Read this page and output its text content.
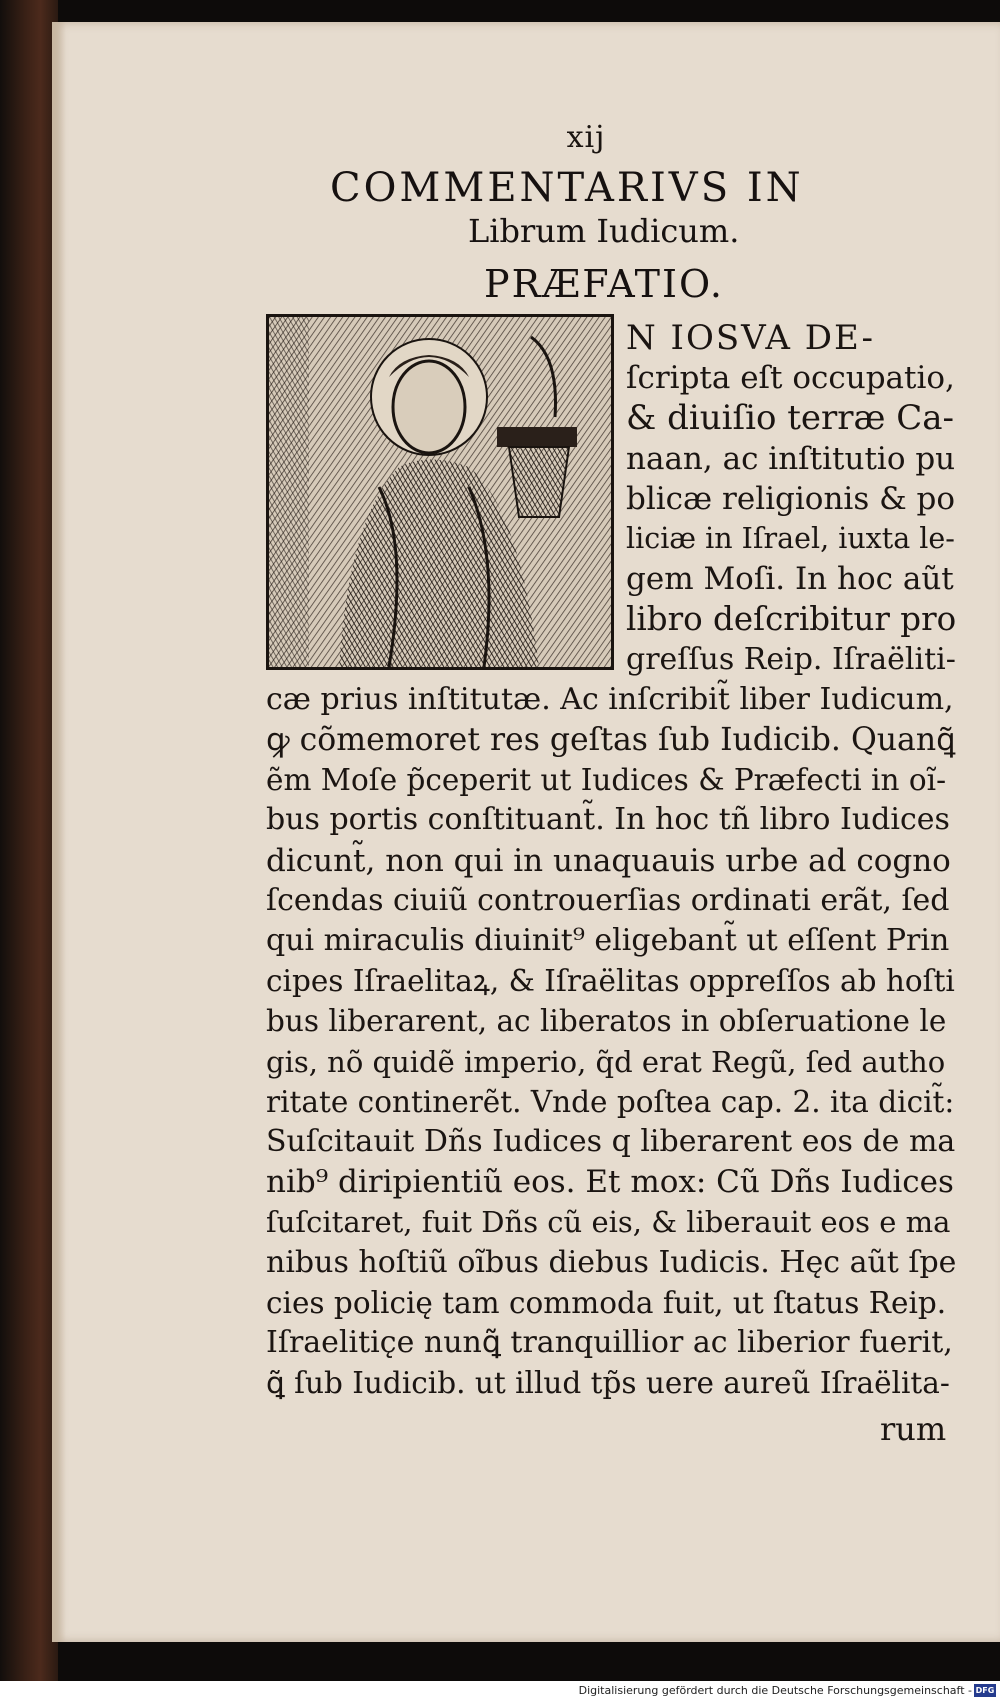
xij
COMMENTARIVS IN
Librum Iudicum.
PRÆFATIO.
N IOSVA DE-
ſcripta eſt occupatio,
& diuiſio terræ Ca-
naan, ac inſtitutio pu
blicæ religionis & po
liciæ in Iſrael, iuxta le-
gem Moſi. In hoc aũt
libro deſcribitur pro
greſſus Reip. Iſraëliti-
cæ prius inſtitutæ. Ac inſcribit̃ liber Iudicum,
ꝙ cõmemoret res geſtas ſub Iudicib. Quanꝗ̃
ẽm Moſe p̃ceperit ut Iudices & Præfecti in oĩ-
bus portis conſtituant̃. In hoc tñ libro Iudices
dicunt̃, non qui in unaquauis urbe ad cogno
ſcendas ciuiũ controuerſias ordinati erãt, ſed
qui miraculis diuinit⁹ eligebant̃ ut eſſent Prin
cipes Iſraelitaꝝ, & Iſraëlitas oppreſſos ab hoſti
bus liberarent, ac liberatos in obſeruatione le
gis, nõ quidẽ imperio, q̃d erat Regũ, ſed autho
ritate continerẽt. Vnde poſtea cap. 2. ita dicit̃:
Suſcitauit Dñs Iudices q liberarent eos de ma
nib⁹ diripientiũ eos. Et mox: Cũ Dñs Iudices
ſuſcitaret, fuit Dñs cũ eis, & liberauit eos e ma
nibus hoſtiũ oĩbus diebus Iudicis. Hęc aũt ſpe
cies policię tam commoda fuit, ut ſtatus Reip.
Iſraelitic̨e nunꝗ̃ tranquillior ac liberior fuerit,
ꝗ̃ ſub Iudicib. ut illud tp̃s uere aureũ Iſraëlita-
rum
Digitalisierung gefördert durch die Deutsche Forschungsgemeinschaft - DFG
